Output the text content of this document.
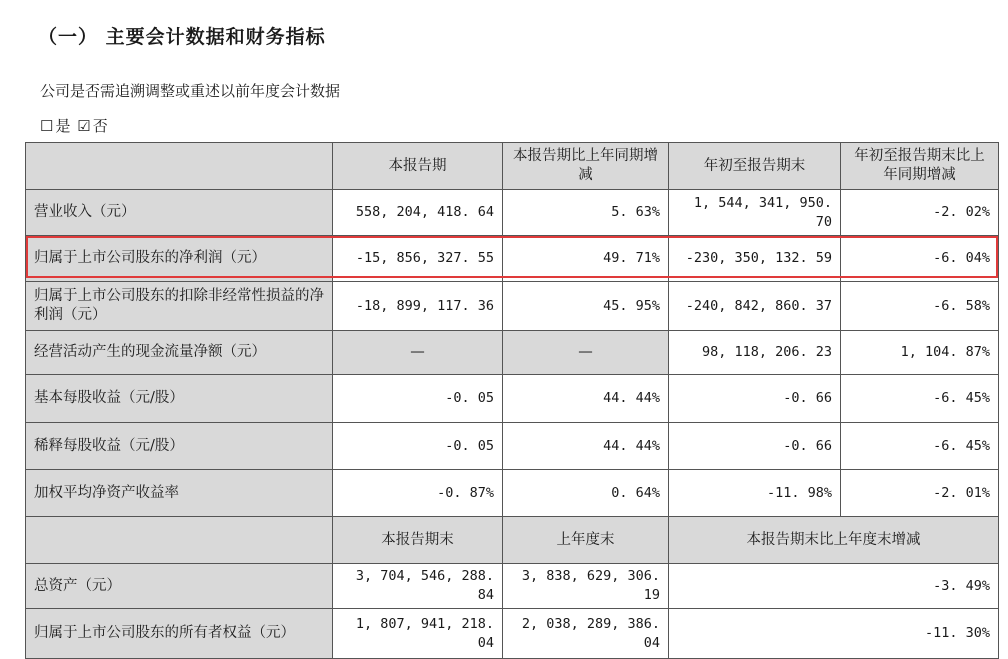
（一） 主要会计数据和财务指标
公司是否需追溯调整或重述以前年度会计数据
☐ 是 ☑ 否
	本报告期	本报告期比上年同期增减	年初至报告期末	年初至报告期末比上年同期增减
营业收入（元）	558, 204, 418. 64	5. 63%	1, 544, 341, 950. 70	-2. 02%
归属于上市公司股东的净利润（元）	-15, 856, 327. 55	49. 71%	-230, 350, 132. 59	-6. 04%
归属于上市公司股东的扣除非经常性损益的净利润（元）	-18, 899, 117. 36	45. 95%	-240, 842, 860. 37	-6. 58%
经营活动产生的现金流量净额（元）	—	—	98, 118, 206. 23	1, 104. 87%
基本每股收益（元/股）	-0. 05	44. 44%	-0. 66	-6. 45%
稀释每股收益（元/股）	-0. 05	44. 44%	-0. 66	-6. 45%
加权平均净资产收益率	-0. 87%	0. 64%	-11. 98%	-2. 01%
	本报告期末	上年度末	本报告期末比上年度末增减	
总资产（元）	3, 704, 546, 288. 84	3, 838, 629, 306. 19	-3. 49%	
归属于上市公司股东的所有者权益（元）	1, 807, 941, 218. 04	2, 038, 289, 386. 04	-11. 30%	
